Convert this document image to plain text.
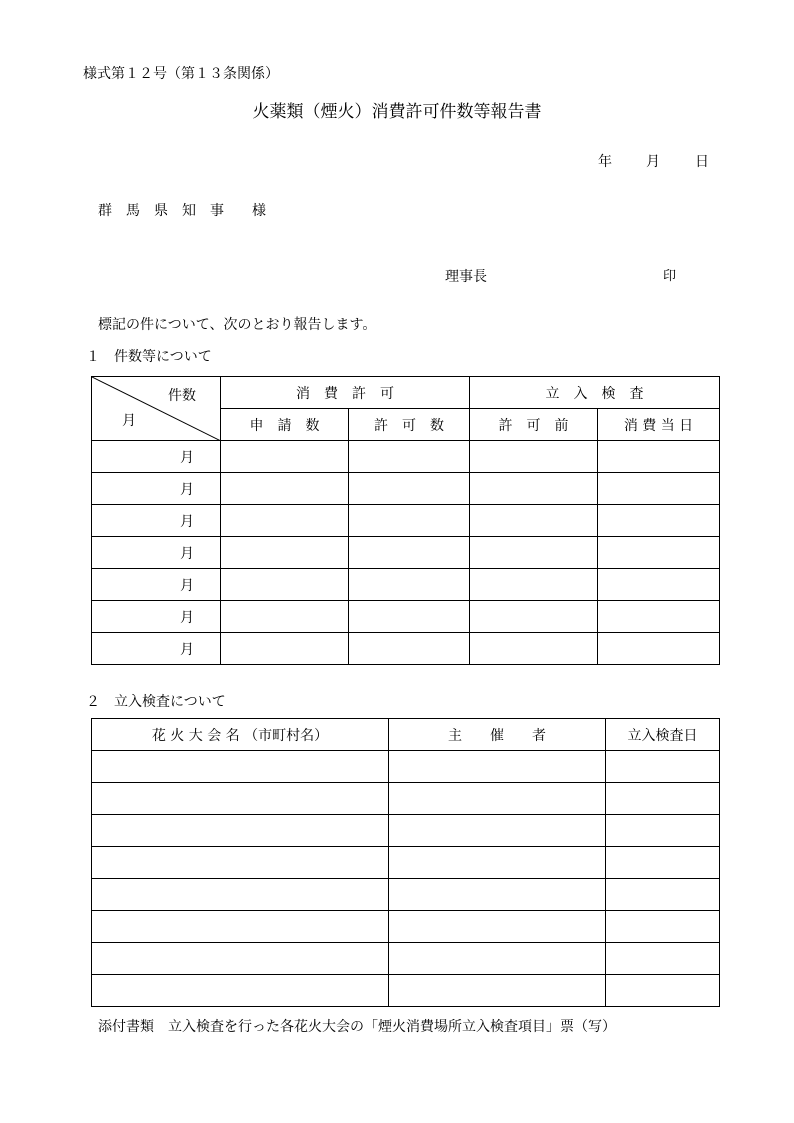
様式第１２号（第１３条関係）
火薬類（煙火）消費許可件数等報告書
年 月	日
群　馬　県　知　事　　様
理事長	印
標記の件について、次のとおり報告します。
１　件数等について
件数
月	消　費　許　可		立　入　検　査	
	申　請　数	許　可　数	許　可　前	消 費 当 日
月				
月				
月				
月				
月				
月				
月				
２　立入検査について
花 火 大 会 名 （市町村名）	主　　催　　者	立入検査日

添付書類　立入検査を行った各花火大会の「煙火消費場所立入検査項目」票（写）
